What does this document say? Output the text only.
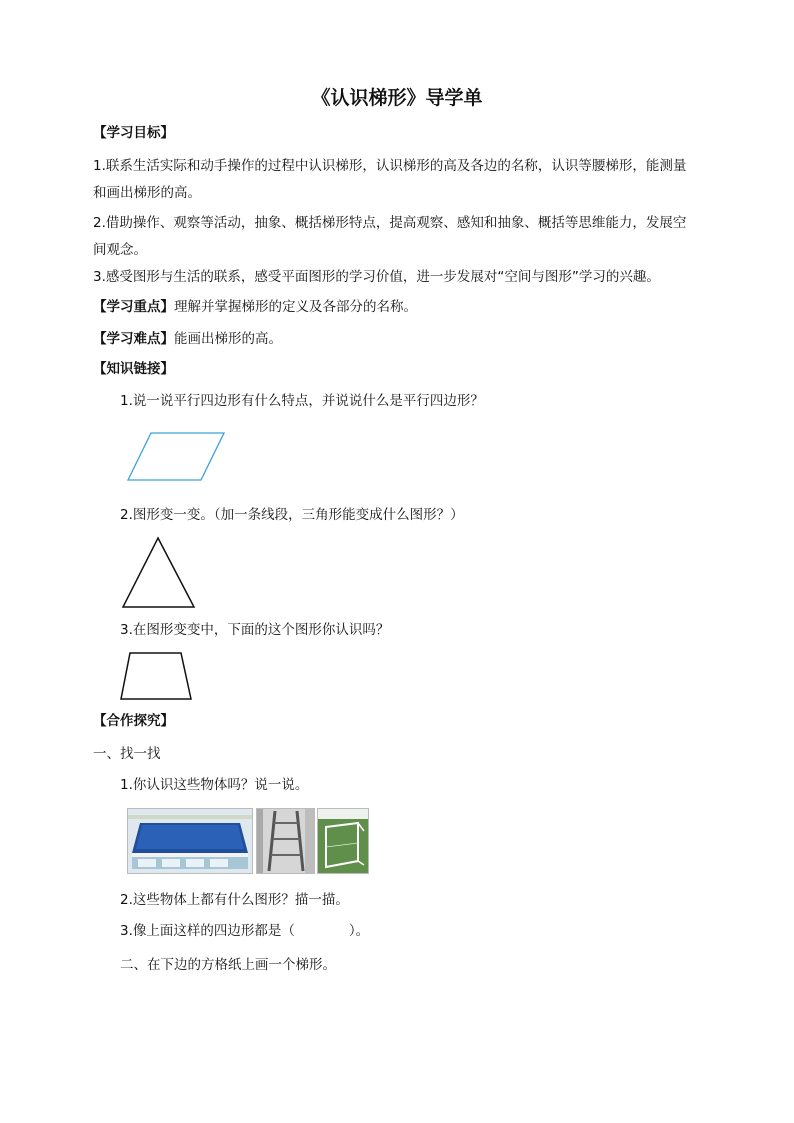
《认识梯形》导学单
【学习目标】
1.联系生活实际和动手操作的过程中认识梯形，认识梯形的高及各边的名称，认识等腰梯形，能测量
和画出梯形的高。
2.借助操作、观察等活动，抽象、概括梯形特点，提高观察、感知和抽象、概括等思维能力，发展空
间观念。
3.感受图形与生活的联系，感受平面图形的学习价值，进一步发展对“空间与图形”学习的兴趣。
【学习重点】理解并掌握梯形的定义及各部分的名称。
【学习难点】能画出梯形的高。
【知识链接】
1.说一说平行四边形有什么特点，并说说什么是平行四边形？
2.图形变一变。（加一条线段，三角形能变成什么图形？）
3.在图形变变中，下面的这个图形你认识吗？
【合作探究】
一、找一找
1.你认识这些物体吗？说一说。
2.这些物体上都有什么图形？描一描。
3.像上面这样的四边形都是（　　　　）。
二、在下边的方格纸上画一个梯形。
